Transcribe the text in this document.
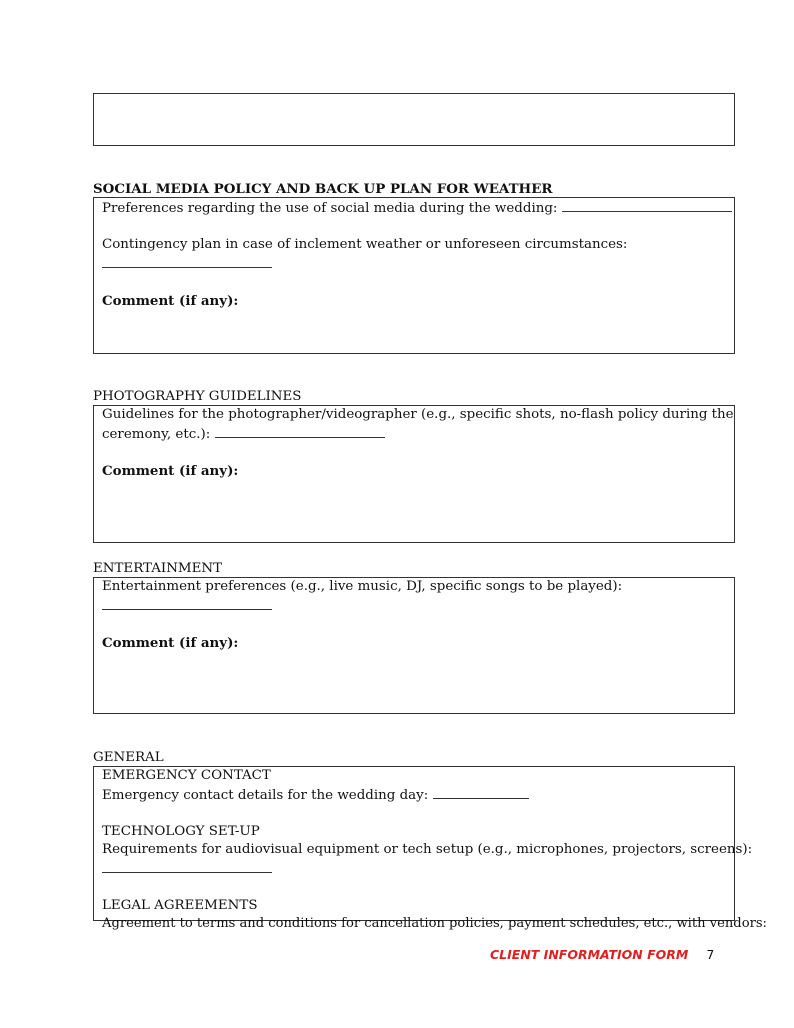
SOCIAL MEDIA POLICY AND BACK UP PLAN FOR WEATHER
Preferences regarding the use of social media during the wedding:
Contingency plan in case of inclement weather or unforeseen circumstances:
Comment (if any):
PHOTOGRAPHY GUIDELINES
Guidelines for the photographer/videographer (e.g., specific shots, no-flash policy during the
ceremony, etc.):
Comment (if any):
ENTERTAINMENT
Entertainment preferences (e.g., live music, DJ, specific songs to be played):
Comment (if any):
GENERAL
EMERGENCY CONTACT
Emergency contact details for the wedding day:
TECHNOLOGY SET-UP
Requirements for audiovisual equipment or tech setup (e.g., microphones, projectors, screens):
LEGAL AGREEMENTS
Agreement to terms and conditions for cancellation policies, payment schedules, etc., with vendors:
CLIENT INFORMATION FORM 7
